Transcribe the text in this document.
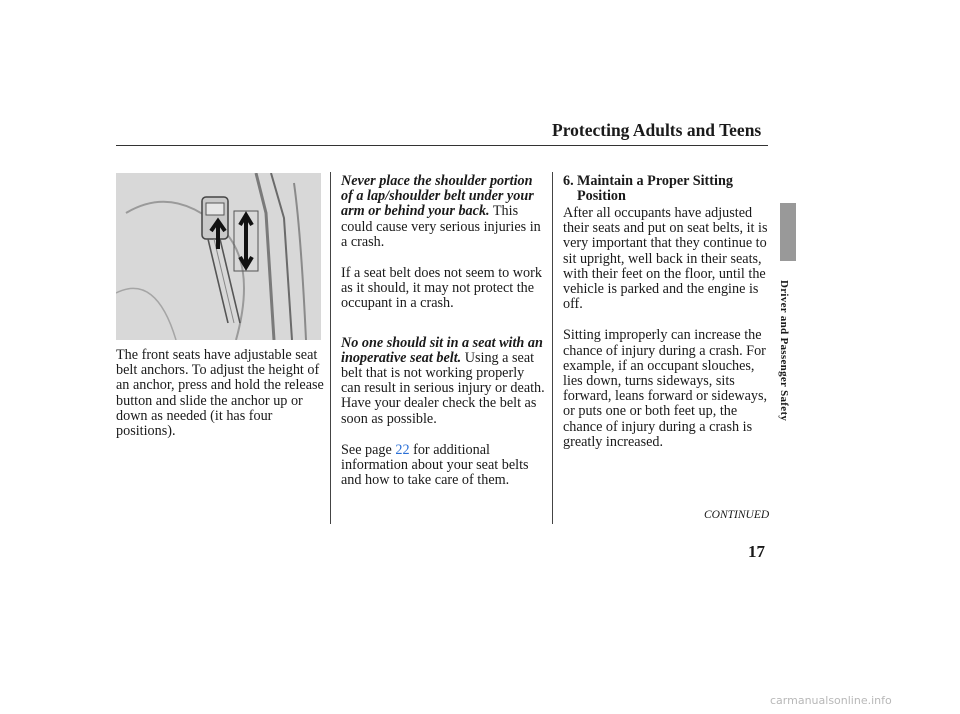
Protecting Adults and Teens
Driver and Passenger Safety

The front seats have adjustable seat belt anchors. To adjust the height of an anchor, press and hold the release button and slide the anchor up or down as needed (it has four positions).

Never place the shoulder portion of a lap/shoulder belt under your arm or behind your back. This could cause very serious injuries in a crash.

If a seat belt does not seem to work as it should, it may not protect the occupant in a crash.

No one should sit in a seat with an inoperative seat belt. Using a seat belt that is not working properly can result in serious injury or death. Have your dealer check the belt as soon as possible.

See page 22 for additional information about your seat belts and how to take care of them.

6. Maintain a Proper Sitting Position

After all occupants have adjusted their seats and put on seat belts, it is very important that they continue to sit upright, well back in their seats, with their feet on the floor, until the vehicle is parked and the engine is off.

Sitting improperly can increase the chance of injury during a crash. For example, if an occupant slouches, lies down, turns sideways, sits forward, leans forward or sideways, or puts one or both feet up, the chance of injury during a crash is greatly increased.

CONTINUED
17
carmanualsonline.info
